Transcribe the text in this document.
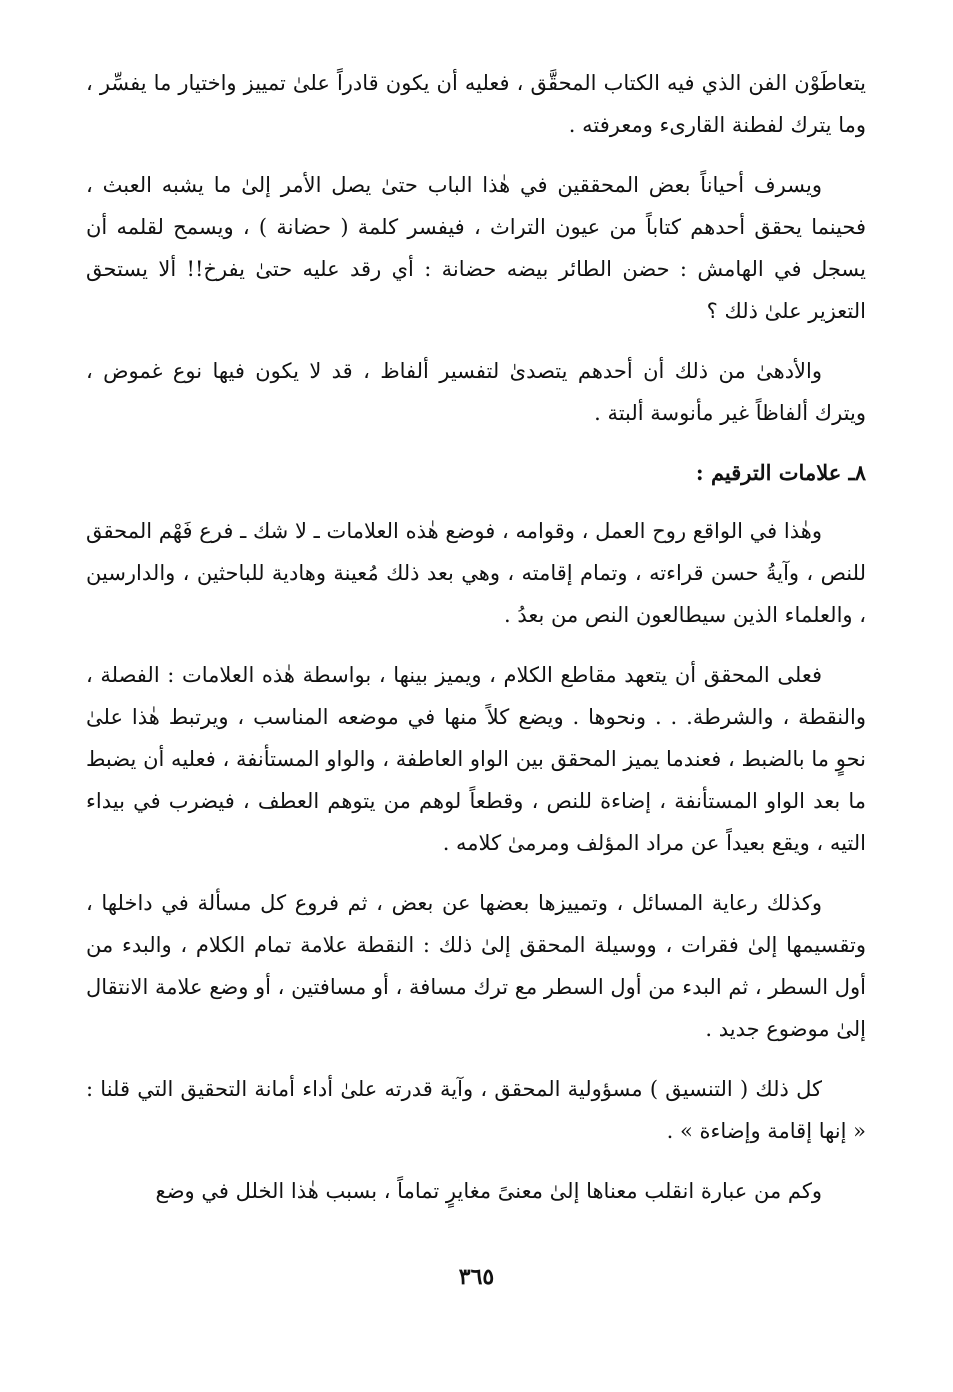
يتعاطَوْن الفن الذي فيه الكتاب المحقَّق ، فعليه أن يكون قادراً علىٰ تمييز واختيار ما يفسِّر ، وما يترك لفطنة القارىء ومعرفته .

ويسرف أحياناً بعض المحققين في هٰذا الباب حتىٰ يصل الأمر إلىٰ ما يشبه العبث ، فحينما يحقق أحدهم كتاباً من عيون التراث ، فيفسر كلمة ( حضانة ) ، ويسمح لقلمه أن يسجل في الهامش : حضن الطائر بيضه حضانة : أي رقد عليه حتىٰ يفرخ!! ألا يستحق التعزير علىٰ ذلك ؟

والأدهىٰ من ذلك أن أحدهم يتصدىٰ لتفسير ألفاظ ، قد لا يكون فيها نوع غموض ، ويترك ألفاظاً غير مأنوسة ألبتة .

٨ـ علامات الترقيم :

وهٰذا في الواقع روح العمل ، وقوامه ، فوضع هٰذه العلامات ـ لا شك ـ فرع فَهْم المحقق للنص ، وآيةُ حسن قراءته ، وتمام إقامته ، وهي بعد ذلك مُعينة وهادية للباحثين ، والدارسين ، والعلماء الذين سيطالعون النص من بعدُ .

فعلى المحقق أن يتعهد مقاطع الكلام ، ويميز بينها ، بواسطة هٰذه العلامات : الفصلة ، والنقطة ، والشرطة. . . ونحوها . ويضع كلاً منها في موضعه المناسب ، ويرتبط هٰذا علىٰ نحوٍ ما بالضبط ، فعندما يميز المحقق بين الواو العاطفة ، والواو المستأنفة ، فعليه أن يضبط ما بعد الواو المستأنفة ، إضاءة للنص ، وقطعاً لوهم من يتوهم العطف ، فيضرب في بيداء التيه ، ويقع بعيداً عن مراد المؤلف ومرمىٰ كلامه .

وكذلك رعاية المسائل ، وتمييزها بعضها عن بعض ، ثم فروع كل مسألة في داخلها ، وتقسيمها إلىٰ فقرات ، ووسيلة المحقق إلىٰ ذلك : النقطة علامة تمام الكلام ، والبدء من أول السطر ، ثم البدء من أول السطر مع ترك مسافة ، أو مسافتين ، أو وضع علامة الانتقال إلىٰ موضوع جديد .

كل ذلك ( التنسيق ) مسؤولية المحقق ، وآية قدرته علىٰ أداء أمانة التحقيق التي قلنا : « إنها إقامة وإضاءة » .

وكم من عبارة انقلب معناها إلىٰ معنىً مغايرٍ تماماً ، بسبب هٰذا الخلل في وضع

٣٦٥
